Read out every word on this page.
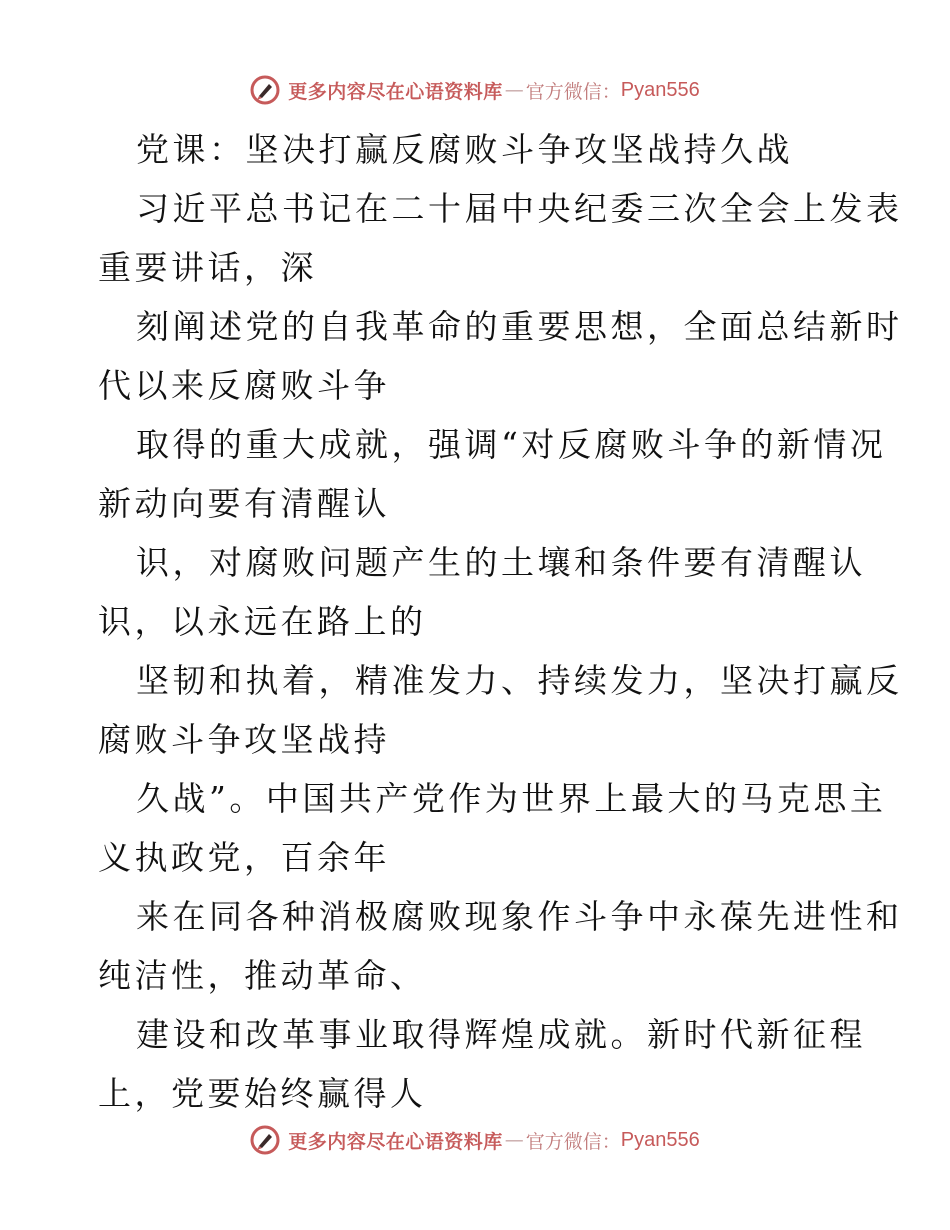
更多内容尽在心语资料库 — 官方微信： Pyan556
党课：坚决打赢反腐败斗争攻坚战持久战
习近平总书记在二十届中央纪委三次全会上发表
重要讲话，深
刻阐述党的自我革命的重要思想，全面总结新时
代以来反腐败斗争
取得的重大成就，强调“对反腐败斗争的新情况
新动向要有清醒认
识，对腐败问题产生的土壤和条件要有清醒认
识，以永远在路上的
坚韧和执着，精准发力、持续发力，坚决打赢反
腐败斗争攻坚战持
久战”。中国共产党作为世界上最大的马克思主
义执政党，百余年
来在同各种消极腐败现象作斗争中永葆先进性和
纯洁性，推动革命、
建设和改革事业取得辉煌成就。新时代新征程
上，党要始终赢得人
更多内容尽在心语资料库 — 官方微信： Pyan556
